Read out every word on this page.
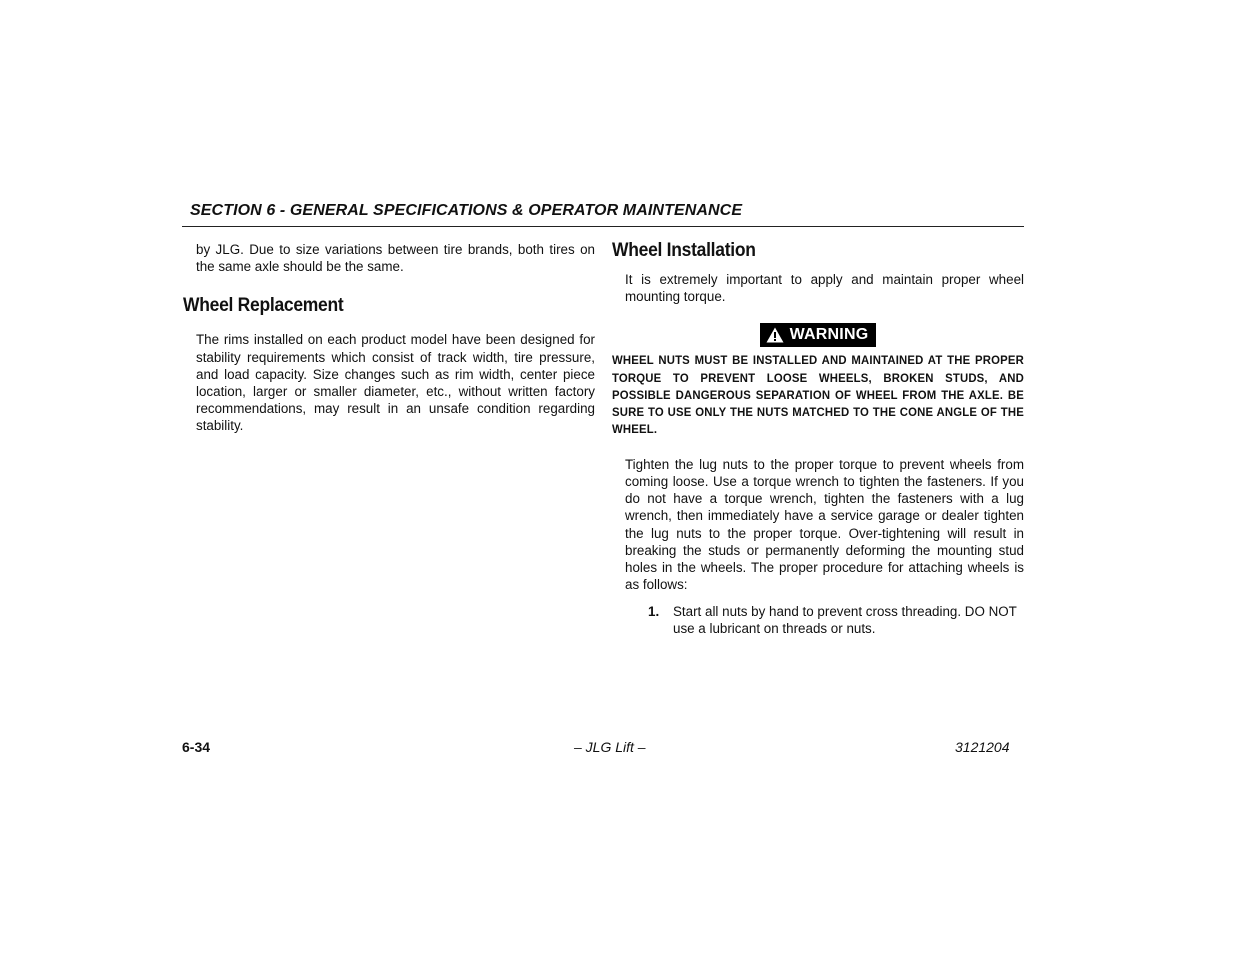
SECTION 6 - GENERAL SPECIFICATIONS & OPERATOR MAINTENANCE

by JLG. Due to size variations between tire brands, both tires on the same axle should be the same.

Wheel Replacement

The rims installed on each product model have been designed for stability requirements which consist of track width, tire pressure, and load capacity. Size changes such as rim width, center piece location, larger or smaller diameter, etc., without written factory recommendations, may result in an unsafe condition regarding stability.

Wheel Installation

It is extremely important to apply and maintain proper wheel mounting torque.

WARNING

WHEEL NUTS MUST BE INSTALLED AND MAINTAINED AT THE PROPER TORQUE TO PREVENT LOOSE WHEELS, BROKEN STUDS, AND POSSIBLE DANGEROUS SEPARATION OF WHEEL FROM THE AXLE. BE SURE TO USE ONLY THE NUTS MATCHED TO THE CONE ANGLE OF THE WHEEL.

Tighten the lug nuts to the proper torque to prevent wheels from coming loose. Use a torque wrench to tighten the fasteners. If you do not have a torque wrench, tighten the fasteners with a lug wrench, then immediately have a service garage or dealer tighten the lug nuts to the proper torque. Over-tightening will result in breaking the studs or permanently deforming the mounting stud holes in the wheels. The proper procedure for attaching wheels is as follows:

1.	Start all nuts by hand to prevent cross threading. DO NOT use a lubricant on threads or nuts.
6-34	– JLG Lift –	3121204
